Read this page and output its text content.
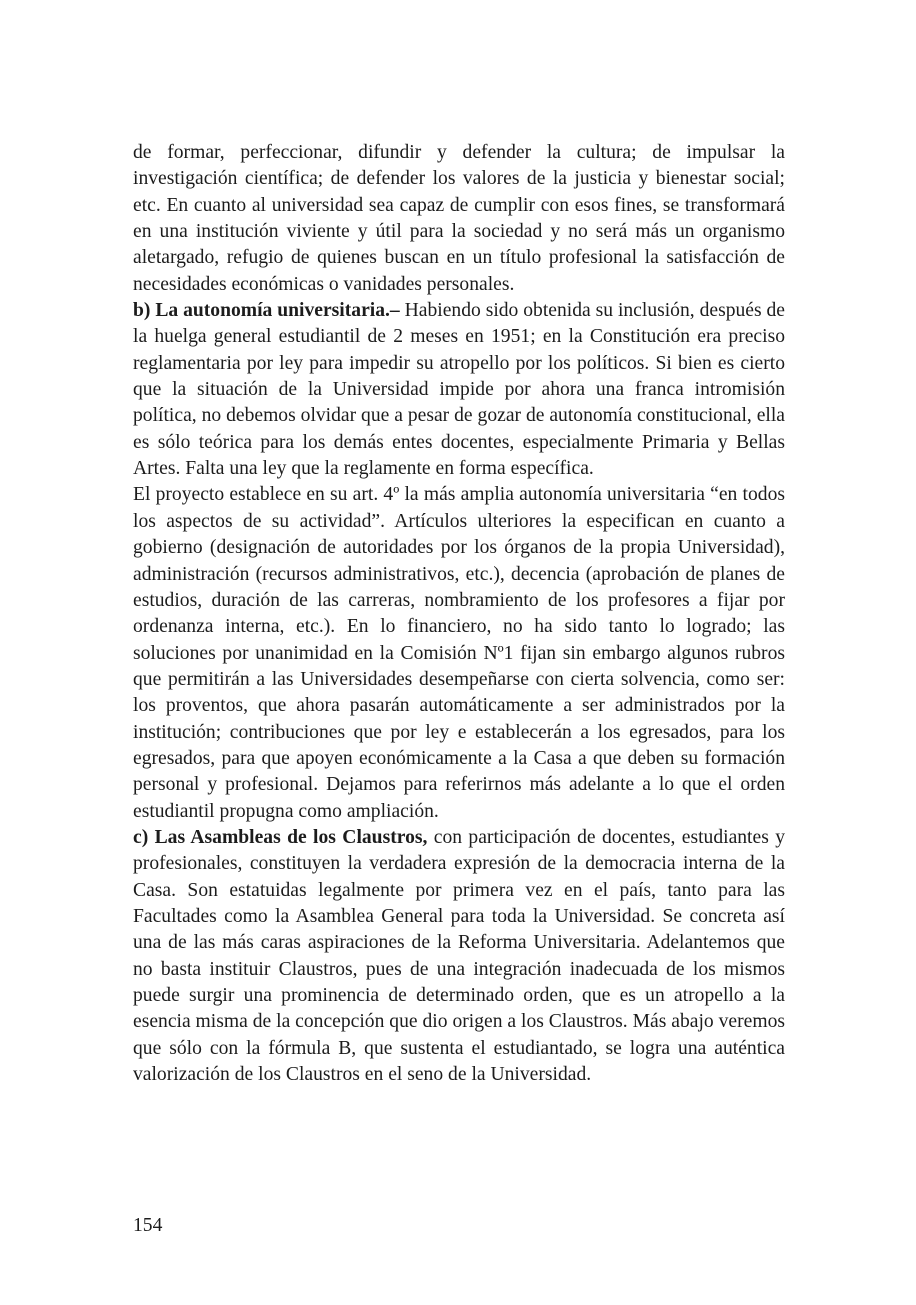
de formar, perfeccionar, difundir y defender la cultura; de impulsar la investigación científica; de defender los valores de la justicia y bienestar social; etc. En cuanto al universidad sea capaz de cumplir con esos fines, se transformará en una institución viviente y útil para la sociedad y no será más un organismo aletargado, refugio de quienes buscan en un título profesional la satisfacción de necesidades económicas o vanidades personales.

b) La autonomía universitaria.– Habiendo sido obtenida su inclusión, después de la huelga general estudiantil de 2 meses en 1951; en la Constitución era preciso reglamentaria por ley para impedir su atropello por los políticos. Si bien es cierto que la situación de la Universidad impide por ahora una franca intromisión política, no debemos olvidar que a pesar de gozar de autonomía constitucional, ella es sólo teórica para los demás entes docentes, especialmente Primaria y Bellas Artes. Falta una ley que la reglamente en forma específica.

El proyecto establece en su art. 4º la más amplia autonomía universitaria “en todos los aspectos de su actividad”. Artículos ulteriores la especifican en cuanto a gobierno (designación de autoridades por los órganos de la propia Universidad), administración (recursos administrativos, etc.), decencia (aprobación de planes de estudios, duración de las carreras, nombramiento de los profesores a fijar por ordenanza interna, etc.). En lo financiero, no ha sido tanto lo logrado; las soluciones por unanimidad en la Comisión Nº1 fijan sin embargo algunos rubros que permitirán a las Universidades desempeñarse con cierta solvencia, como ser: los proventos, que ahora pasarán automáticamente a ser administrados por la institución; contribuciones que por ley e establecerán a los egresados, para los egresados, para que apoyen económicamente a la Casa a que deben su formación personal y profesional. Dejamos para referirnos más adelante a lo que el orden estudiantil propugna como ampliación.

c) Las Asambleas de los Claustros, con participación de docentes, estudiantes y profesionales, constituyen la verdadera expresión de la democracia interna de la Casa. Son estatuidas legalmente por primera vez en el país, tanto para las Facultades como la Asamblea General para toda la Universidad. Se concreta así una de las más caras aspiraciones de la Reforma Universitaria. Adelantemos que no basta instituir Claustros, pues de una integración inadecuada de los mismos puede surgir una prominencia de determinado orden, que es un atropello a la esencia misma de la concepción que dio origen a los Claustros. Más abajo veremos que sólo con la fórmula B, que sustenta el estudiantado, se logra una auténtica valorización de los Claustros en el seno de la Universidad.

154
